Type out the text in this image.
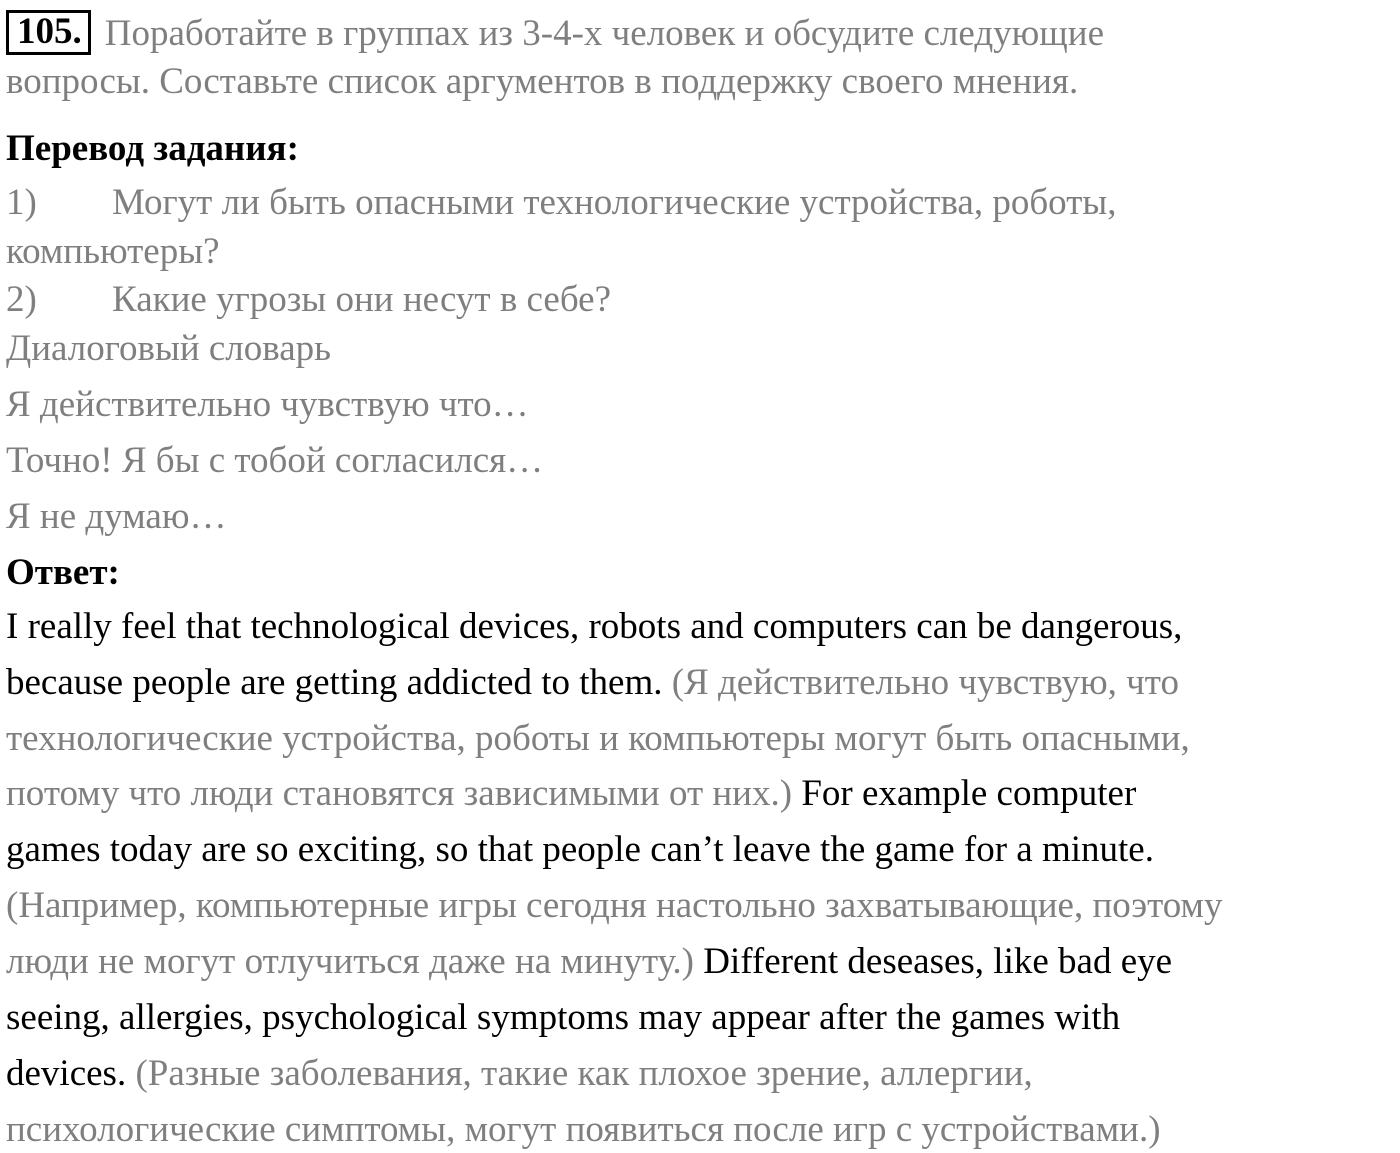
105. Поработайте в группах из 3-4-х человек и обсудите следующие
вопросы. Составьте список аргументов в поддержку своего мнения.
Перевод задания:
1) Могут ли быть опасными технологические устройства, роботы,
компьютеры?
2) Какие угрозы они несут в себе?
Диалоговый словарь
Я действительно чувствую что…
Точно! Я бы с тобой согласился…
Я не думаю…
Ответ:
I really feel that technological devices, robots and computers can be dangerous,
because people are getting addicted to them. (Я действительно чувствую, что
технологические устройства, роботы и компьютеры могут быть опасными,
потому что люди становятся зависимыми от них.) For example computer
games today are so exciting, so that people can’t leave the game for a minute.
(Например, компьютерные игры сегодня настольно захватывающие, поэтому
люди не могут отлучиться даже на минуту.) Different deseases, like bad eye
seeing, allergies, psychological symptoms may appear after the games with
devices. (Разные заболевания, такие как плохое зрение, аллергии,
психологические симптомы, могут появиться после игр с устройствами.)
